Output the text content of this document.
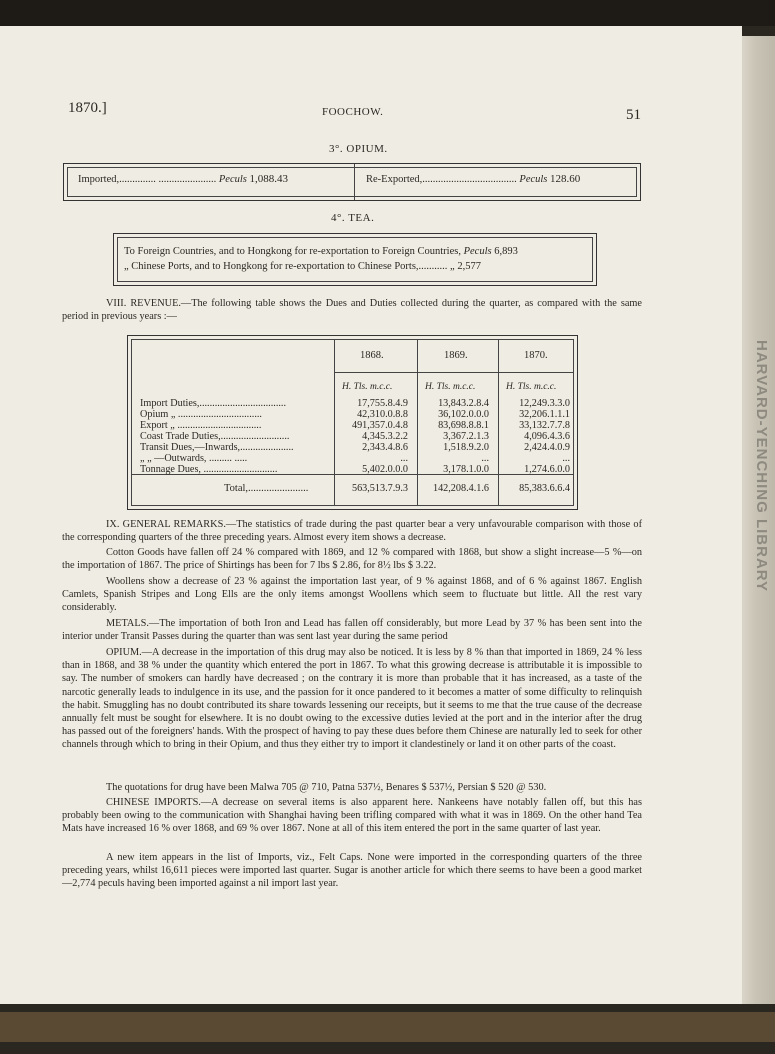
HARVARD-YENCHING LIBRARY
1870.]	FOOCHOW.	51
3°. OPIUM.
Imported,.............. ...................... Peculs 1,088.43	Re-Exported,.................................... Peculs 128.60
4°. TEA.
To Foreign Countries, and to Hongkong for re-exportation to Foreign Countries, Peculs 6,893
„ Chinese Ports, and to Hongkong for re-exportation to Chinese Ports,........... „ 2,577
VIII. REVENUE.—The following table shows the Dues and Duties collected during the quarter, as compared with the same period in previous years :—
1868.	1869.	1870.
H. Tls. m.c.c.	H. Tls. m.c.c.	H. Tls. m.c.c.
Import Duties,..................................	17,755.8.4.9	13,843.2.8.4	12,249.3.3.0
Opium „ .................................	42,310.0.8.8	36,102.0.0.0	32,206.1.1.1
Export „ .................................	491,357.0.4.8	83,698.8.8.1	33,132.7.7.8
Coast Trade Duties,...........................	4,345.3.2.2	3,367.2.1.3	4,096.4.3.6
Transit Dues,—Inwards,.....................	2,343.4.8.6	1,518.9.2.0	2,424.4.0.9
„ „ —Outwards, ......... .....	...	...	...
Tonnage Dues, .............................	5,402.0.0.0	3,178.1.0.0	1,274.6.0.0
Total,.......................	563,513.7.9.3	142,208.4.1.6	85,383.6.6.4
IX. GENERAL REMARKS.—The statistics of trade during the past quarter bear a very unfavourable comparison with those of the corresponding quarters of the three preceding years. Almost every item shows a decrease.
Cotton Goods have fallen off 24 % compared with 1869, and 12 % compared with 1868, but show a slight increase—5 %—on the importation of 1867. The price of Shirtings has been for 7 lbs $ 2.86, for 8½ lbs $ 3.22.
Woollens show a decrease of 23 % against the importation last year, of 9 % against 1868, and of 6 % against 1867. English Camlets, Spanish Stripes and Long Ells are the only items amongst Woollens which seem to fluctuate but little. All the rest vary considerably.
METALS.—The importation of both Iron and Lead has fallen off considerably, but more Lead by 37 % has been sent into the interior under Transit Passes during the quarter than was sent last year during the same period
OPIUM.—A decrease in the importation of this drug may also be noticed. It is less by 8 % than that imported in 1869, 24 % less than in 1868, and 38 % under the quantity which entered the port in 1867. To what this growing decrease is attributable it is impossible to say. The number of smokers can hardly have decreased ; on the contrary it is more than probable that it has increased, as a taste of the narcotic generally leads to indulgence in its use, and the passion for it once pandered to it becomes a matter of some difficulty to relinquish the habit. Smuggling has no doubt contributed its share towards lessening our receipts, but it seems to me that the true cause of the decrease annually felt must be sought for elsewhere. It is no doubt owing to the excessive duties levied at the port and in the interior after the drug has passed out of the foreigners' hands. With the prospect of having to pay these dues before them Chinese are naturally led to seek for other channels through which to bring in their Opium, and thus they either try to import it clandestinely or land it on other parts of the coast.
The quotations for drug have been Malwa 705 @ 710, Patna 537½, Benares $ 537½, Persian $ 520 @ 530.
CHINESE IMPORTS.—A decrease on several items is also apparent here. Nankeens have notably fallen off, but this has probably been owing to the communication with Shanghai having been trifling compared with what it was in 1869. On the other hand Tea Mats have increased 16 % over 1868, and 69 % over 1867. None at all of this item entered the port in the same quarter of last year.
A new item appears in the list of Imports, viz., Felt Caps. None were imported in the corresponding quarters of the three preceding years, whilst 16,611 pieces were imported last quarter. Sugar is another article for which there seems to have been a good market—2,774 peculs having been imported against a nil import last year.
